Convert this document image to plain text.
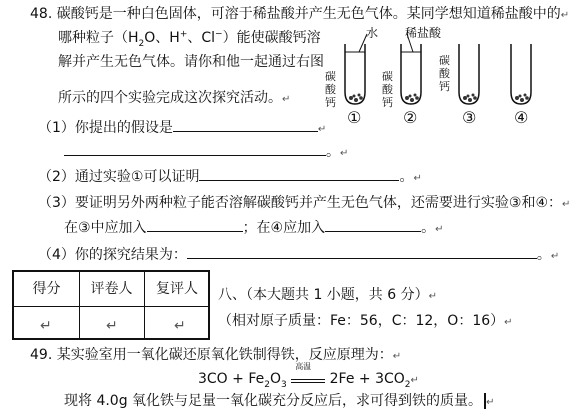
48. 碳酸钙是一种白色固体，可溶于稀盐酸并产生无色气体。某同学想知道稀盐酸中的↵
哪种粒子（$H_2O$、H+、Cl−）能使碳酸钙溶
解并产生无色气体。请你和他一起通过右图
所示的四个实验完成这次探究活动。↵
水 稀盐酸
碳酸钙
碳酸钙
碳酸钙
①	②	③ ④
（1）你提出的假设是	↵
。↵
（2）通过实验①可以证明	。↵
（3）要证明另外两种粒子能否溶解碳酸钙并产生无色气体，还需要进行实验③和④：↵
在③中应加入	；在④应加入	。↵
（4）你的探究结果为：	。↵
得分	评卷人	复评人
↵	↵	↵
八、（本大题共 1 小题，共 6 分）↵
（相对原子质量：Fe：56，C：12，O：16）↵
49. 某实验室用一氧化碳还原氧化铁制得铁，反应原理为：↵
$3CO + Fe_2O_3$
高温
$2Fe + 3CO_2↵$
现将 4.0g 氧化铁与足量一氧化碳充分反应后，求可得到铁的质量。 ↵
